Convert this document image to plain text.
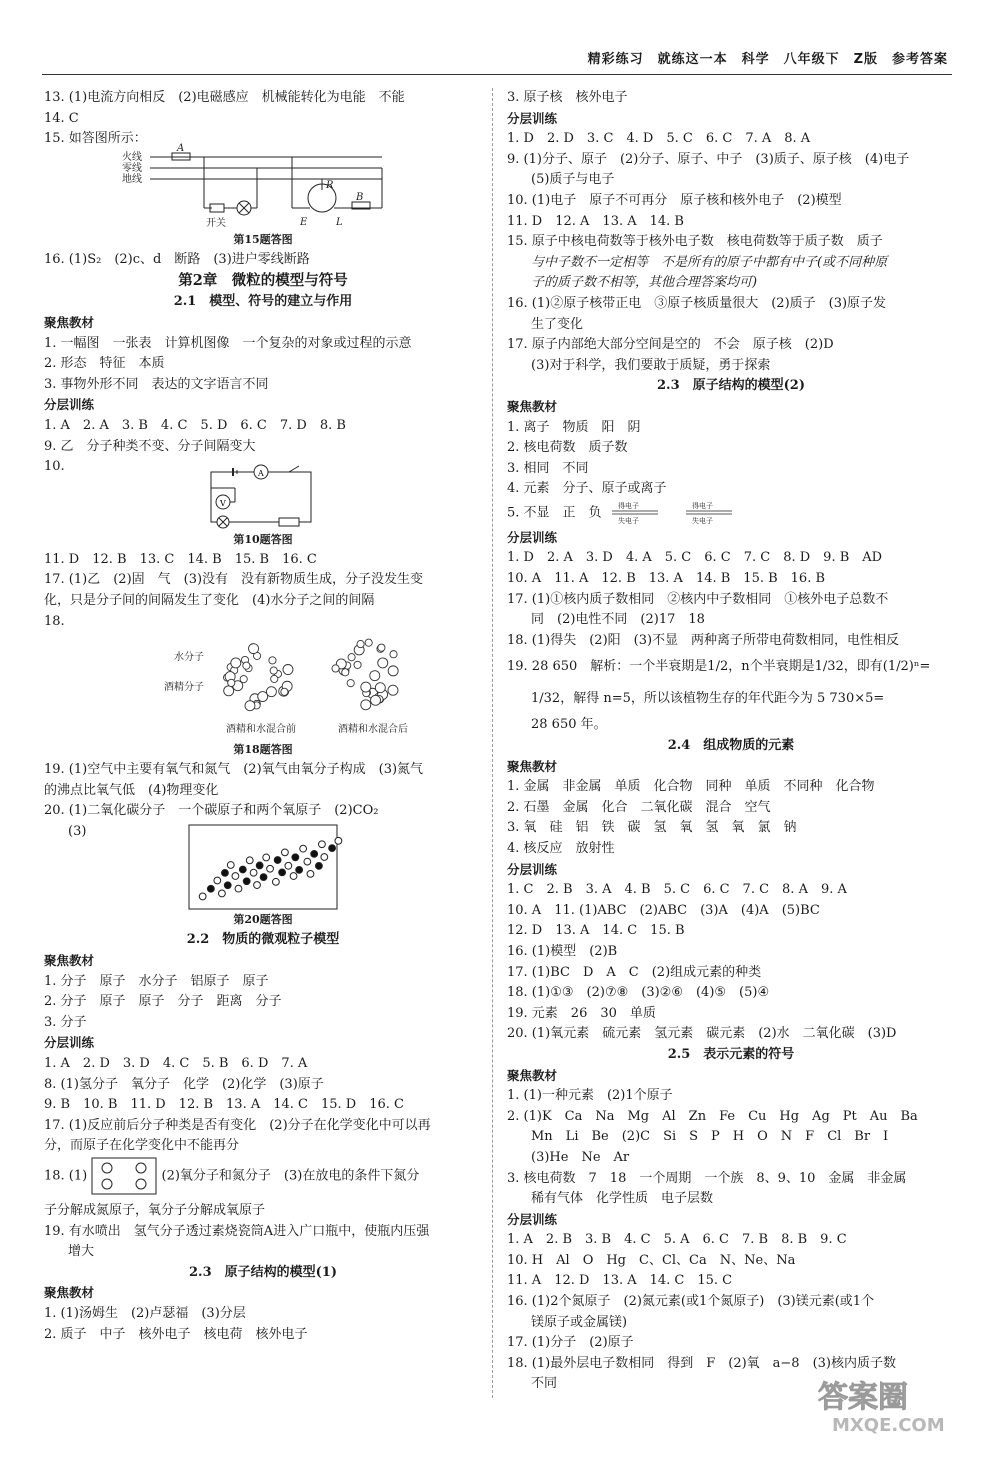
精彩练习　就练这一本　科学　八年级下　Z版　参考答案
13. (1)电流方向相反　(2)电磁感应　机械能转化为电能　不能
14. C
15. 如答图所示：
火线
零线
地线
A
R
B
E	L
开关
第15题答图
16. (1)S₂　(2)c、d　断路　(3)进户零线断路
第2章　微粒的模型与符号
2.1　模型、符号的建立与作用
聚焦教材
1. 一幅图　一张表　计算机图像　一个复杂的对象或过程的示意
2. 形态　特征　本质
3. 事物外形不同　表达的文字语言不同
分层训练
1. A　2. A　3. B　4. C　5. D　6. C　7. D　8. B
9. 乙　分子种类不变、分子间隔变大
10.	A
V
第10题答图
11. D　12. B　13. C　14. B　15. B　16. C
17. (1)乙　(2)固　气　(3)没有　没有新物质生成，分子没发生变
化，只是分子间的间隔发生了变化　(4)水分子之间的间隔
18.
水分子
酒精分子
酒精和水混合前	酒精和水混合后
第18题答图
19. (1)空气中主要有氧气和氮气　(2)氧气由氧分子构成　(3)氮气
的沸点比氧气低　(4)物理变化
20. (1)二氧化碳分子　一个碳原子和两个氧原子　(2)CO₂
(3)
第20题答图
2.2　物质的微观粒子模型
聚焦教材
1. 分子　原子　水分子　铝原子　原子
2. 分子　原子　原子　分子　距离　分子
3. 分子
分层训练
1. A　2. D　3. D　4. C　5. B　6. D　7. A
8. (1)氢分子　氧分子　化学　(2)化学　(3)原子
9. B　10. B　11. D　12. B　13. A　14. C　15. D　16. C
17. (1)反应前后分子种类是否有变化　(2)分子在化学变化中可以再
分，而原子在化学变化中不能再分
18. (1)	(2)氧分子和氮分子　(3)在放电的条件下氮分
子分解成氮原子，氧分子分解成氧原子
19. 有水喷出　氢气分子透过素烧瓷筒A进入广口瓶中，使瓶内压强
增大
2.3　原子结构的模型(1)
聚焦教材
1. (1)汤姆生　(2)卢瑟福　(3)分层
2. 质子　中子　核外电子　核电荷　核外电子
3. 原子核　核外电子
分层训练
1. D　2. D　3. C　4. D　5. C　6. C　7. A　8. A
9. (1)分子、原子　(2)分子、原子、中子　(3)质子、原子核　(4)电子
(5)质子与电子
10. (1)电子　原子不可再分　原子核和核外电子　(2)模型
11. D　12. A　13. A　14. B
15. 原子中核电荷数等于核外电子数　核电荷数等于质子数　质子
与中子数不一定相等　不是所有的原子中都有中子(或不同种原
子的质子数不相等，其他合理答案均可)
16. (1)②原子核带正电　③原子核质量很大　(2)质子　(3)原子发
生了变化
17. 原子内部绝大部分空间是空的　不会　原子核　(2)D
(3)对于科学，我们要敢于质疑，勇于探索
2.3　原子结构的模型(2)
聚焦教材
1. 离子　物质　阳　阴
2. 核电荷数　质子数
3. 相同　不同
4. 元素　分子、原子或离子
5. 不显　正　负 得电子
失电子
得电子
失电子
分层训练
1. D　2. A　3. D　4. A　5. C　6. C　7. C　8. D　9. B　AD
10. A　11. A　12. B　13. A　14. B　15. B　16. B
17. (1)①核内质子数相同　②核内中子数相同　①核外电子总数不
同　(2)电性不同　(2)17　18
18. (1)得失　(2)阳　(3)不显　两种离子所带电荷数相同，电性相反
19. 28 650　解析：一个半衰期是1/2，n个半衰期是1/32，即有(1/2)ⁿ=
1/32，解得 n=5，所以该植物生存的年代距今为 5 730×5=
28 650 年。
2.4　组成物质的元素
聚焦教材
1. 金属　非金属　单质　化合物　同种　单质　不同种　化合物
2. 石墨　金属　化合　二氧化碳　混合　空气
3. 氧　硅　铝　铁　碳　氢　氧　氢　氧　氯　钠
4. 核反应　放射性
分层训练
1. C　2. B　3. A　4. B　5. C　6. C　7. C　8. A　9. A
10. A　11. (1)ABC　(2)ABC　(3)A　(4)A　(5)BC
12. D　13. A　14. C　15. B
16. (1)模型　(2)B
17. (1)BC　D　A　C　(2)组成元素的种类
18. (1)①③　(2)⑦⑧　(3)②⑥　(4)⑤　(5)④
19. 元素　26　30　单质
20. (1)氧元素　硫元素　氢元素　碳元素　(2)水　二氧化碳　(3)D
2.5　表示元素的符号
聚焦教材
1. (1)一种元素　(2)1个原子
2. (1)K　Ca　Na　Mg　Al　Zn　Fe　Cu　Hg　Ag　Pt　Au　Ba
Mn　Li　Be　(2)C　Si　S　P　H　O　N　F　Cl　Br　I
(3)He　Ne　Ar
3. 核电荷数　7　18　一个周期　一个族　8、9、10　金属　非金属
稀有气体　化学性质　电子层数
分层训练
1. A　2. B　3. B　4. C　5. A　6. C　7. B　8. B　9. C
10. H　Al　O　Hg　C、Cl、Ca　N、Ne、Na
11. A　12. D　13. A　14. C　15. C
16. (1)2个氮原子　(2)氮元素(或1个氮原子)　(3)镁元素(或1个
镁原子或金属镁)
17. (1)分子　(2)原子
18. (1)最外层电子数相同　得到　F　(2)氧　a−8　(3)核内质子数
不同	答案圈
MXQE.COM
